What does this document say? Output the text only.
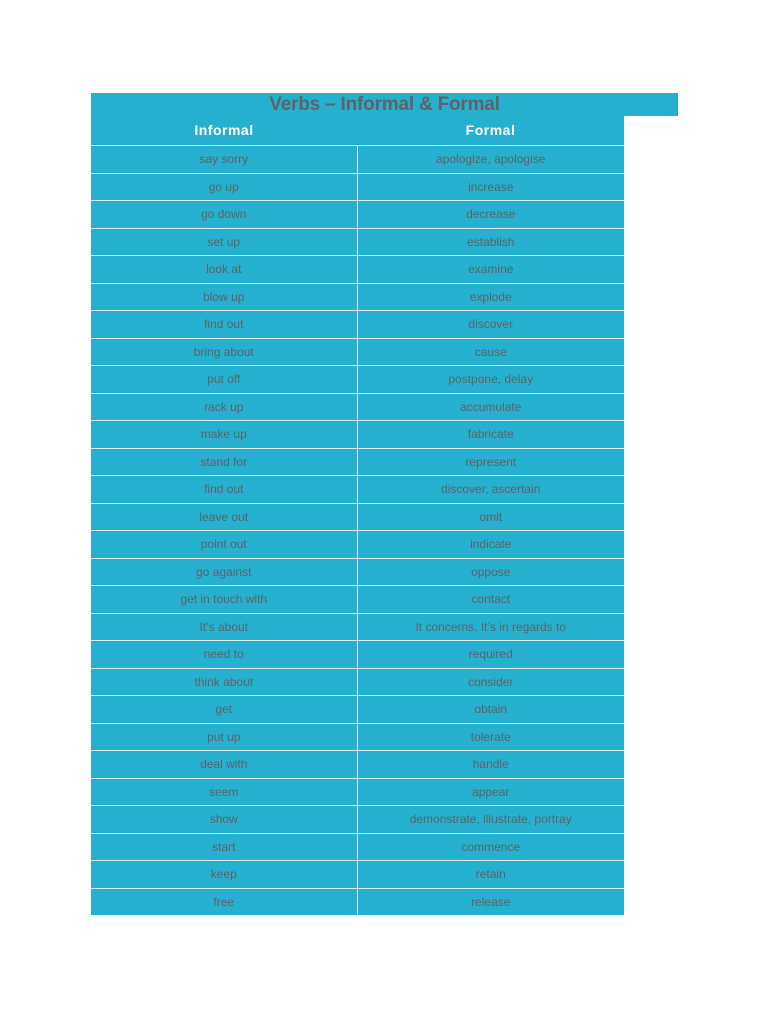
Verbs – Informal & Formal
Informal	Formal
say sorry	apologize, apologise
go up	increase
go down	decrease
set up	establish
look at	examine
blow up	explode
find out	discover
bring about	cause
put off	postpone, delay
rack up	accumulate
make up	fabricate
stand for	represent
find out	discover, ascertain
leave out	omit
point out	indicate
go against	oppose
get in touch with	contact
It’s about	It concerns, It’s in regards to
need to	required
think about	consider
get	obtain
put up	tolerate
deal with	handle
seem	appear
show	demonstrate, illustrate, portray
start	commence
keep	retain
free	release
